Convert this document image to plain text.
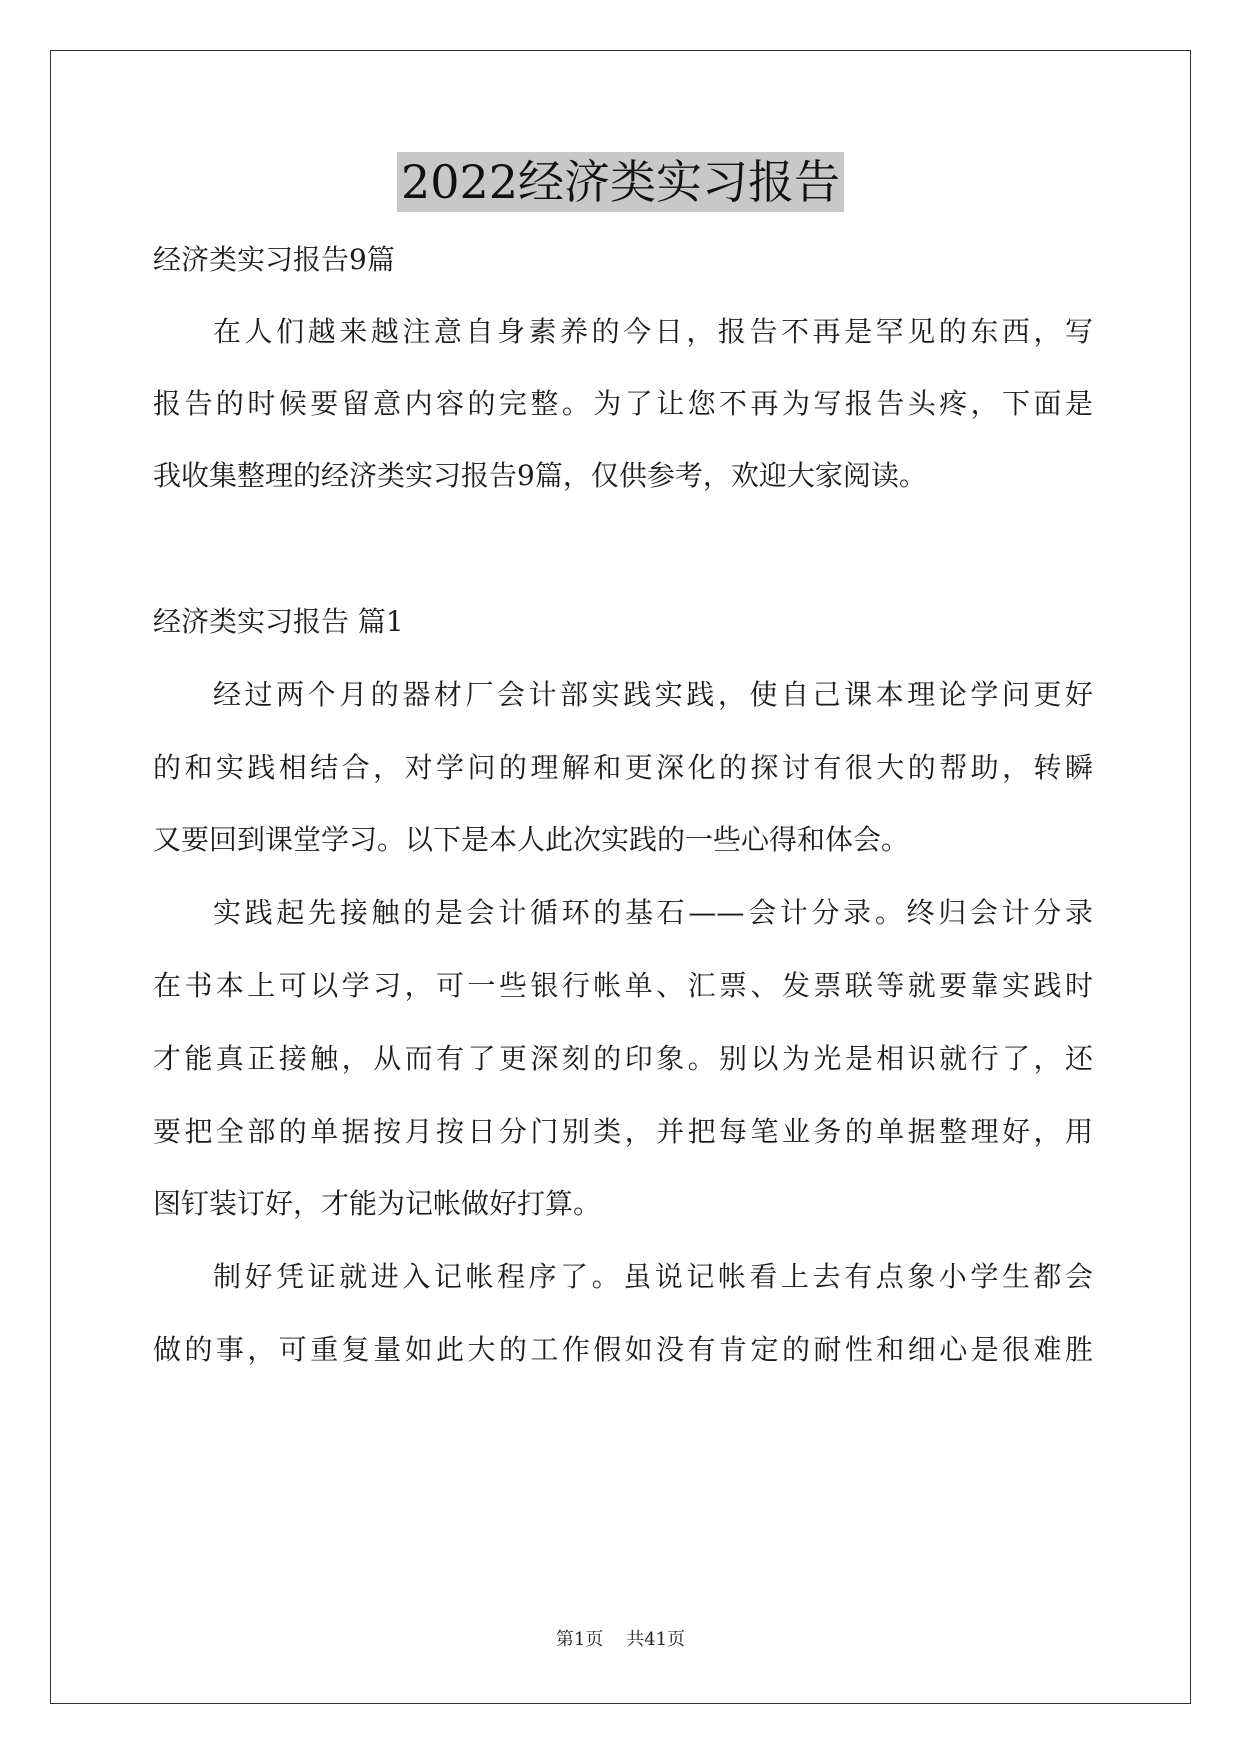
2022经济类实习报告
经济类实习报告9篇
在人们越来越注意自身素养的今日，报告不再是罕见的东西，写
报告的时候要留意内容的完整。为了让您不再为写报告头疼，下面是
我收集整理的经济类实习报告9篇，仅供参考，欢迎大家阅读。
经济类实习报告 篇1
经过两个月的器材厂会计部实践实践，使自己课本理论学问更好
的和实践相结合，对学问的理解和更深化的探讨有很大的帮助，转瞬
又要回到课堂学习。以下是本人此次实践的一些心得和体会。
实践起先接触的是会计循环的基石——会计分录。终归会计分录
在书本上可以学习，可一些银行帐单、汇票、发票联等就要靠实践时
才能真正接触，从而有了更深刻的印象。别以为光是相识就行了，还
要把全部的单据按月按日分门别类，并把每笔业务的单据整理好，用
图钉装订好，才能为记帐做好打算。
制好凭证就进入记帐程序了。虽说记帐看上去有点象小学生都会
做的事，可重复量如此大的工作假如没有肯定的耐性和细心是很难胜
第1页 共41页
